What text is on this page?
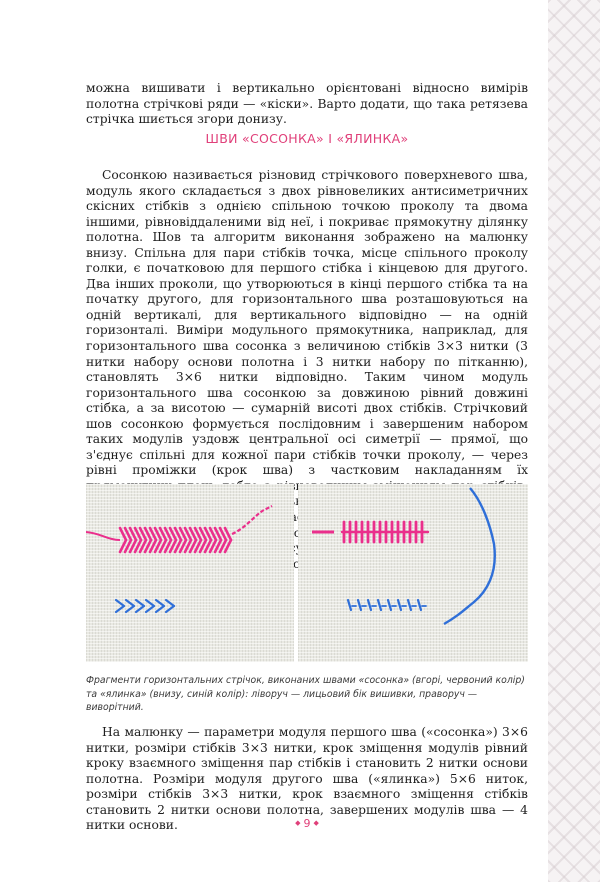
можна вишивати і вертикально орієнтовані відносно вимірів полотна стрічкові ряди — «кіски». Варто додати, що така ретязева стрічка шиється згори донизу.

ШВИ «СОСОНКА» І «ЯЛИНКА»

Сосонкою називається різновид стрічкового поверхневого шва, модуль якого складається з двох рівновеликих антисиметричних скісних стібків з однією спільною точкою проколу та двома іншими, рівновіддаленими від неї, і покриває прямокутну ділянку полотна. Шов та алгоритм виконання зображено на малюнку внизу. Спільна для пари стібків точка, місце спільного проколу голки, є початковою для першого стібка і кінцевою для другого. Два інших проколи, що утворюються в кінці першого стібка та на початку другого, для горизонтального шва розташовуються на одній вертикалі, для вертикального відповідно — на одній горизонталі. Виміри модульного прямокутника, наприклад, для горизонтального шва сосонка з величиною стібків 3×3 нитки (3 нитки набору основи полотна і 3 нитки набору по пітканню), становлять 3×6 нитки відповідно. Таким чином модуль горизонтального шва сосонкою за довжиною рівний довжині стібка, а за висотою — сумарній висоті двох стібків. Стрічковий шов сосонкою формується послідовним і завершеним набором таких модулів уздовж центральної осі симетрії — прямої, що з'єднує спільні для кожної пари стібків точки проколу, — через рівні проміжки (крок шва) з частковим накладанням їх обирається

Фрагменти горизонтальних стрічок, виконаних швами «сосонка» (вгорі, червоний колір) та «ялинка» (внизу, синій колір): ліворуч — лицьовий бік вишивки, праворуч — виворітний.

На малюнку — параметри модуля першого шва («сосонка») 3×6 нитки, розміри стібків 3×3 нитки, крок зміщення модулів рівний кроку взаємного зміщення пар стібків і становить 2 нитки основи полотна. Розміри модуля другого шва («ялинка») 5×6 ниток, розміри стібків 3×3 нитки, крок взаємного зміщення стібків становить 2 нитки основи полотна, завершених модулів шва — 4 нитки основи.	◆ 9 ◆
